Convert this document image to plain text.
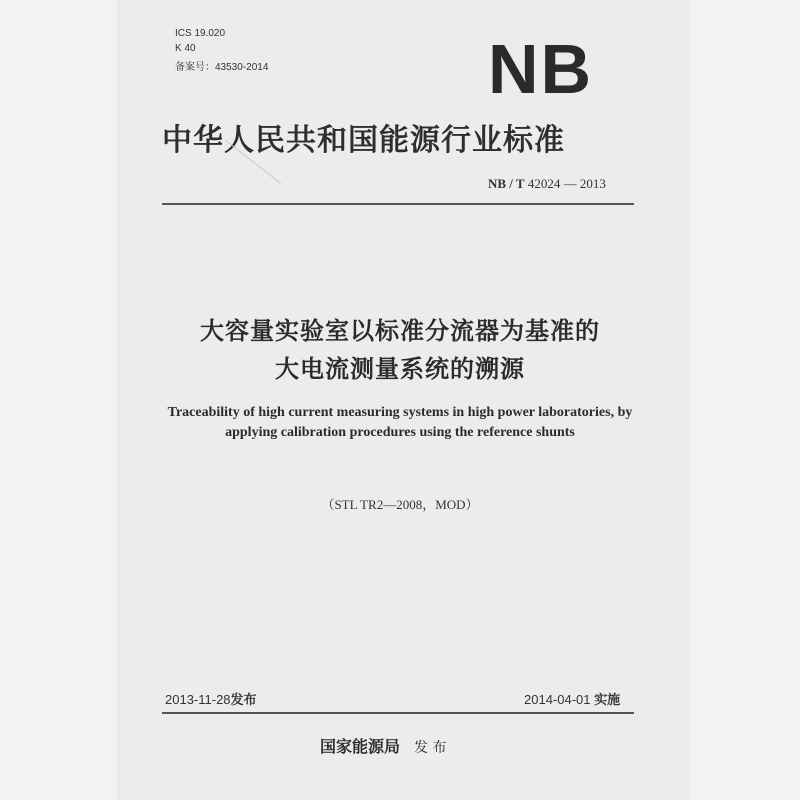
ICS 19.020
K 40
备案号：43530-2014	NB
中华人民共和国能源行业标准
NB / T 42024 — 2013
大容量实验室以标准分流器为基准的
大电流测量系统的溯源
Traceability of high current measuring systems in high power laboratories, by
applying calibration procedures using the reference shunts
（STL TR2—2008，MOD）
2013-11-28发布	2014-04-01 实施
国家能源局 发 布
